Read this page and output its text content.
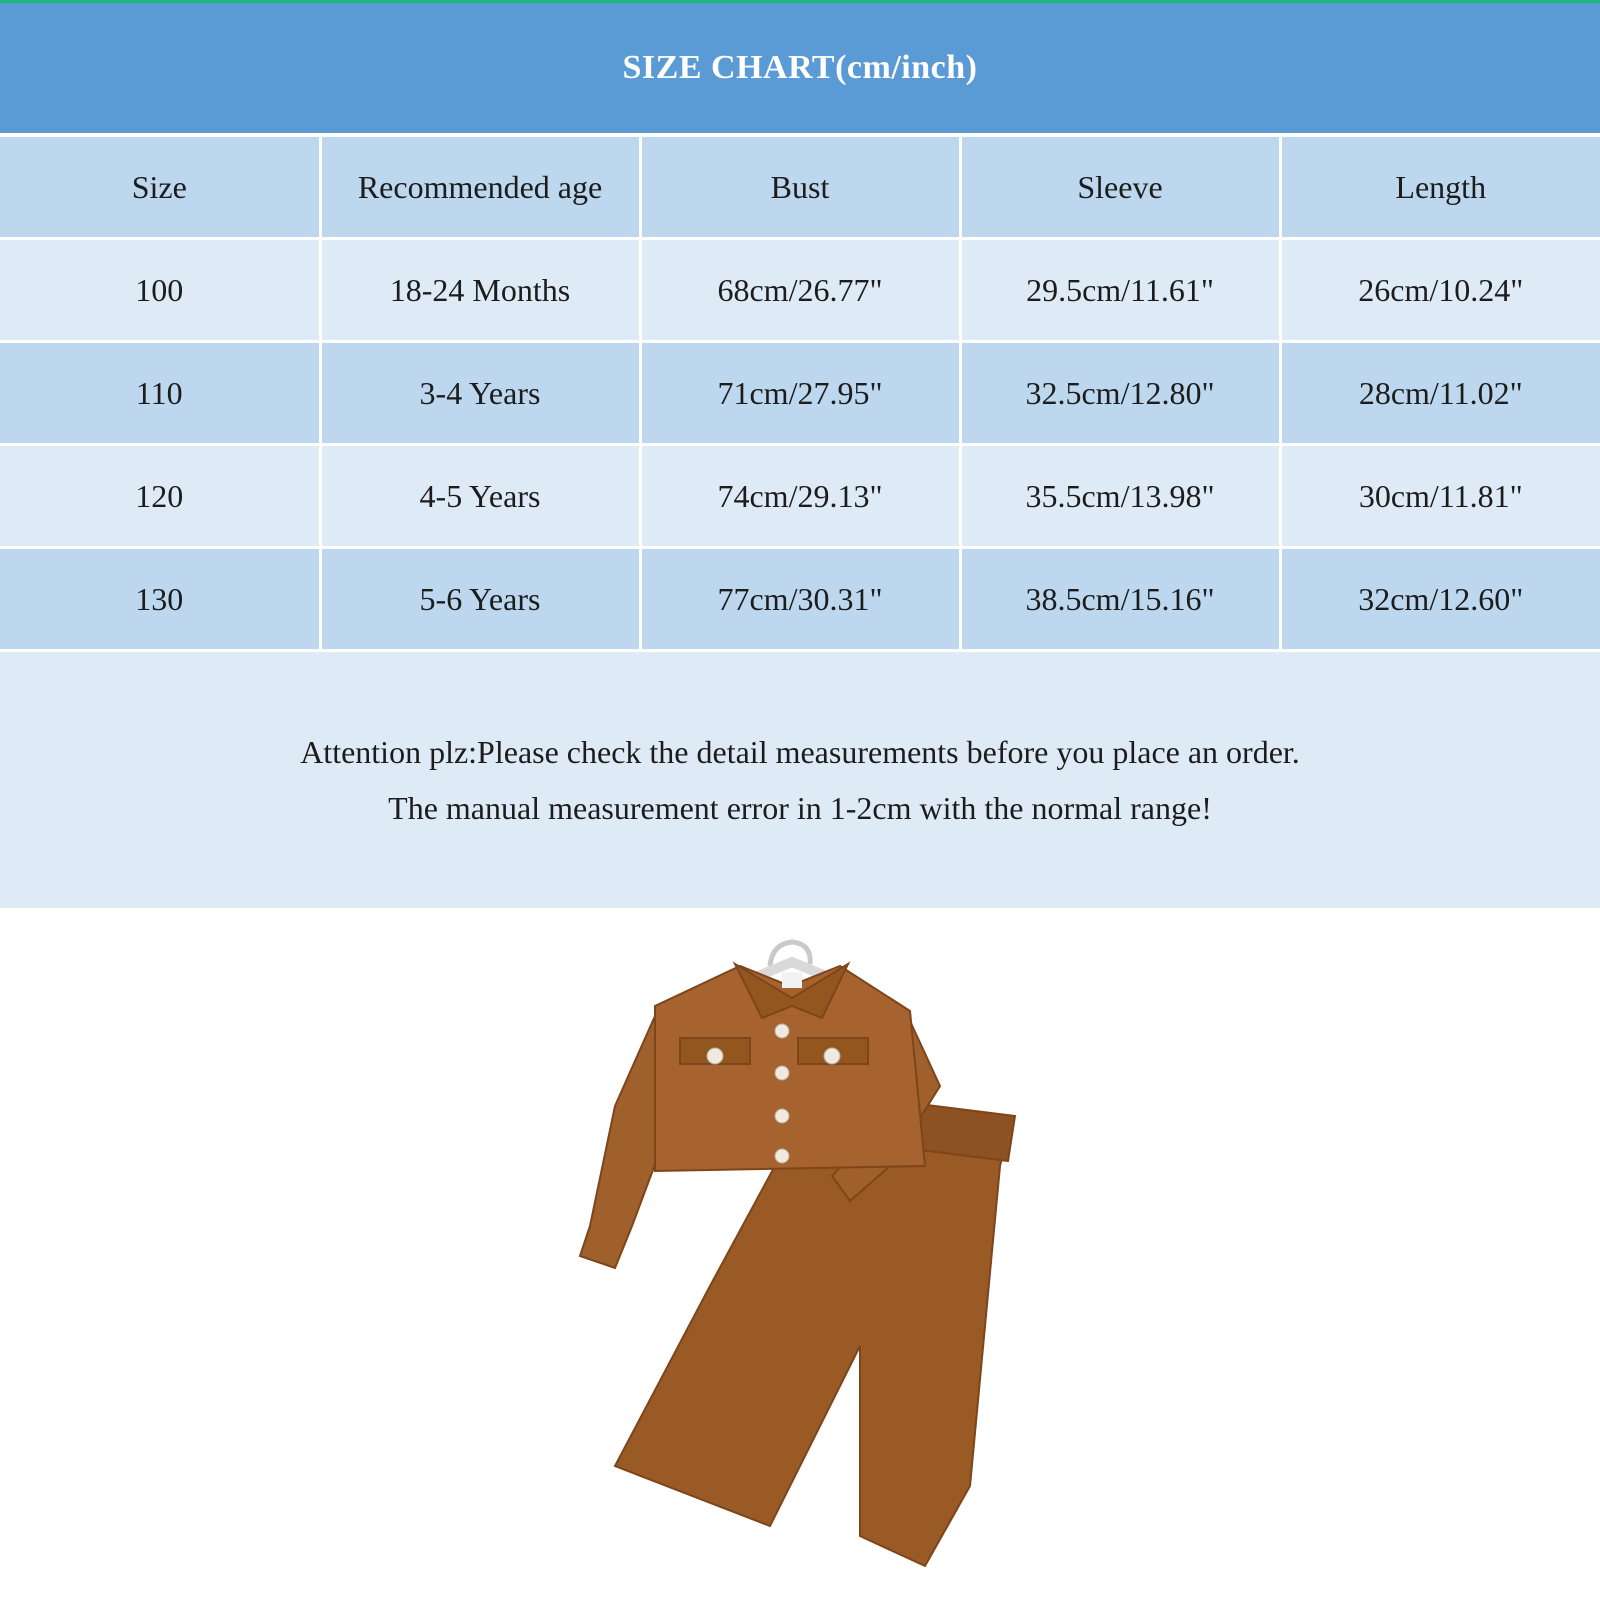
SIZE CHART(cm/inch)
Size	Recommended age	Bust	Sleeve	Length
100	18-24 Months	68cm/26.77"	29.5cm/11.61"	26cm/10.24"
110	3-4 Years	71cm/27.95"	32.5cm/12.80"	28cm/11.02"
120	4-5 Years	74cm/29.13"	35.5cm/13.98"	30cm/11.81"
130	5-6 Years	77cm/30.31"	38.5cm/15.16"	32cm/12.60"
Attention plz:Please check the detail measurements before you place an order.
The manual measurement error in 1-2cm with the normal range!
